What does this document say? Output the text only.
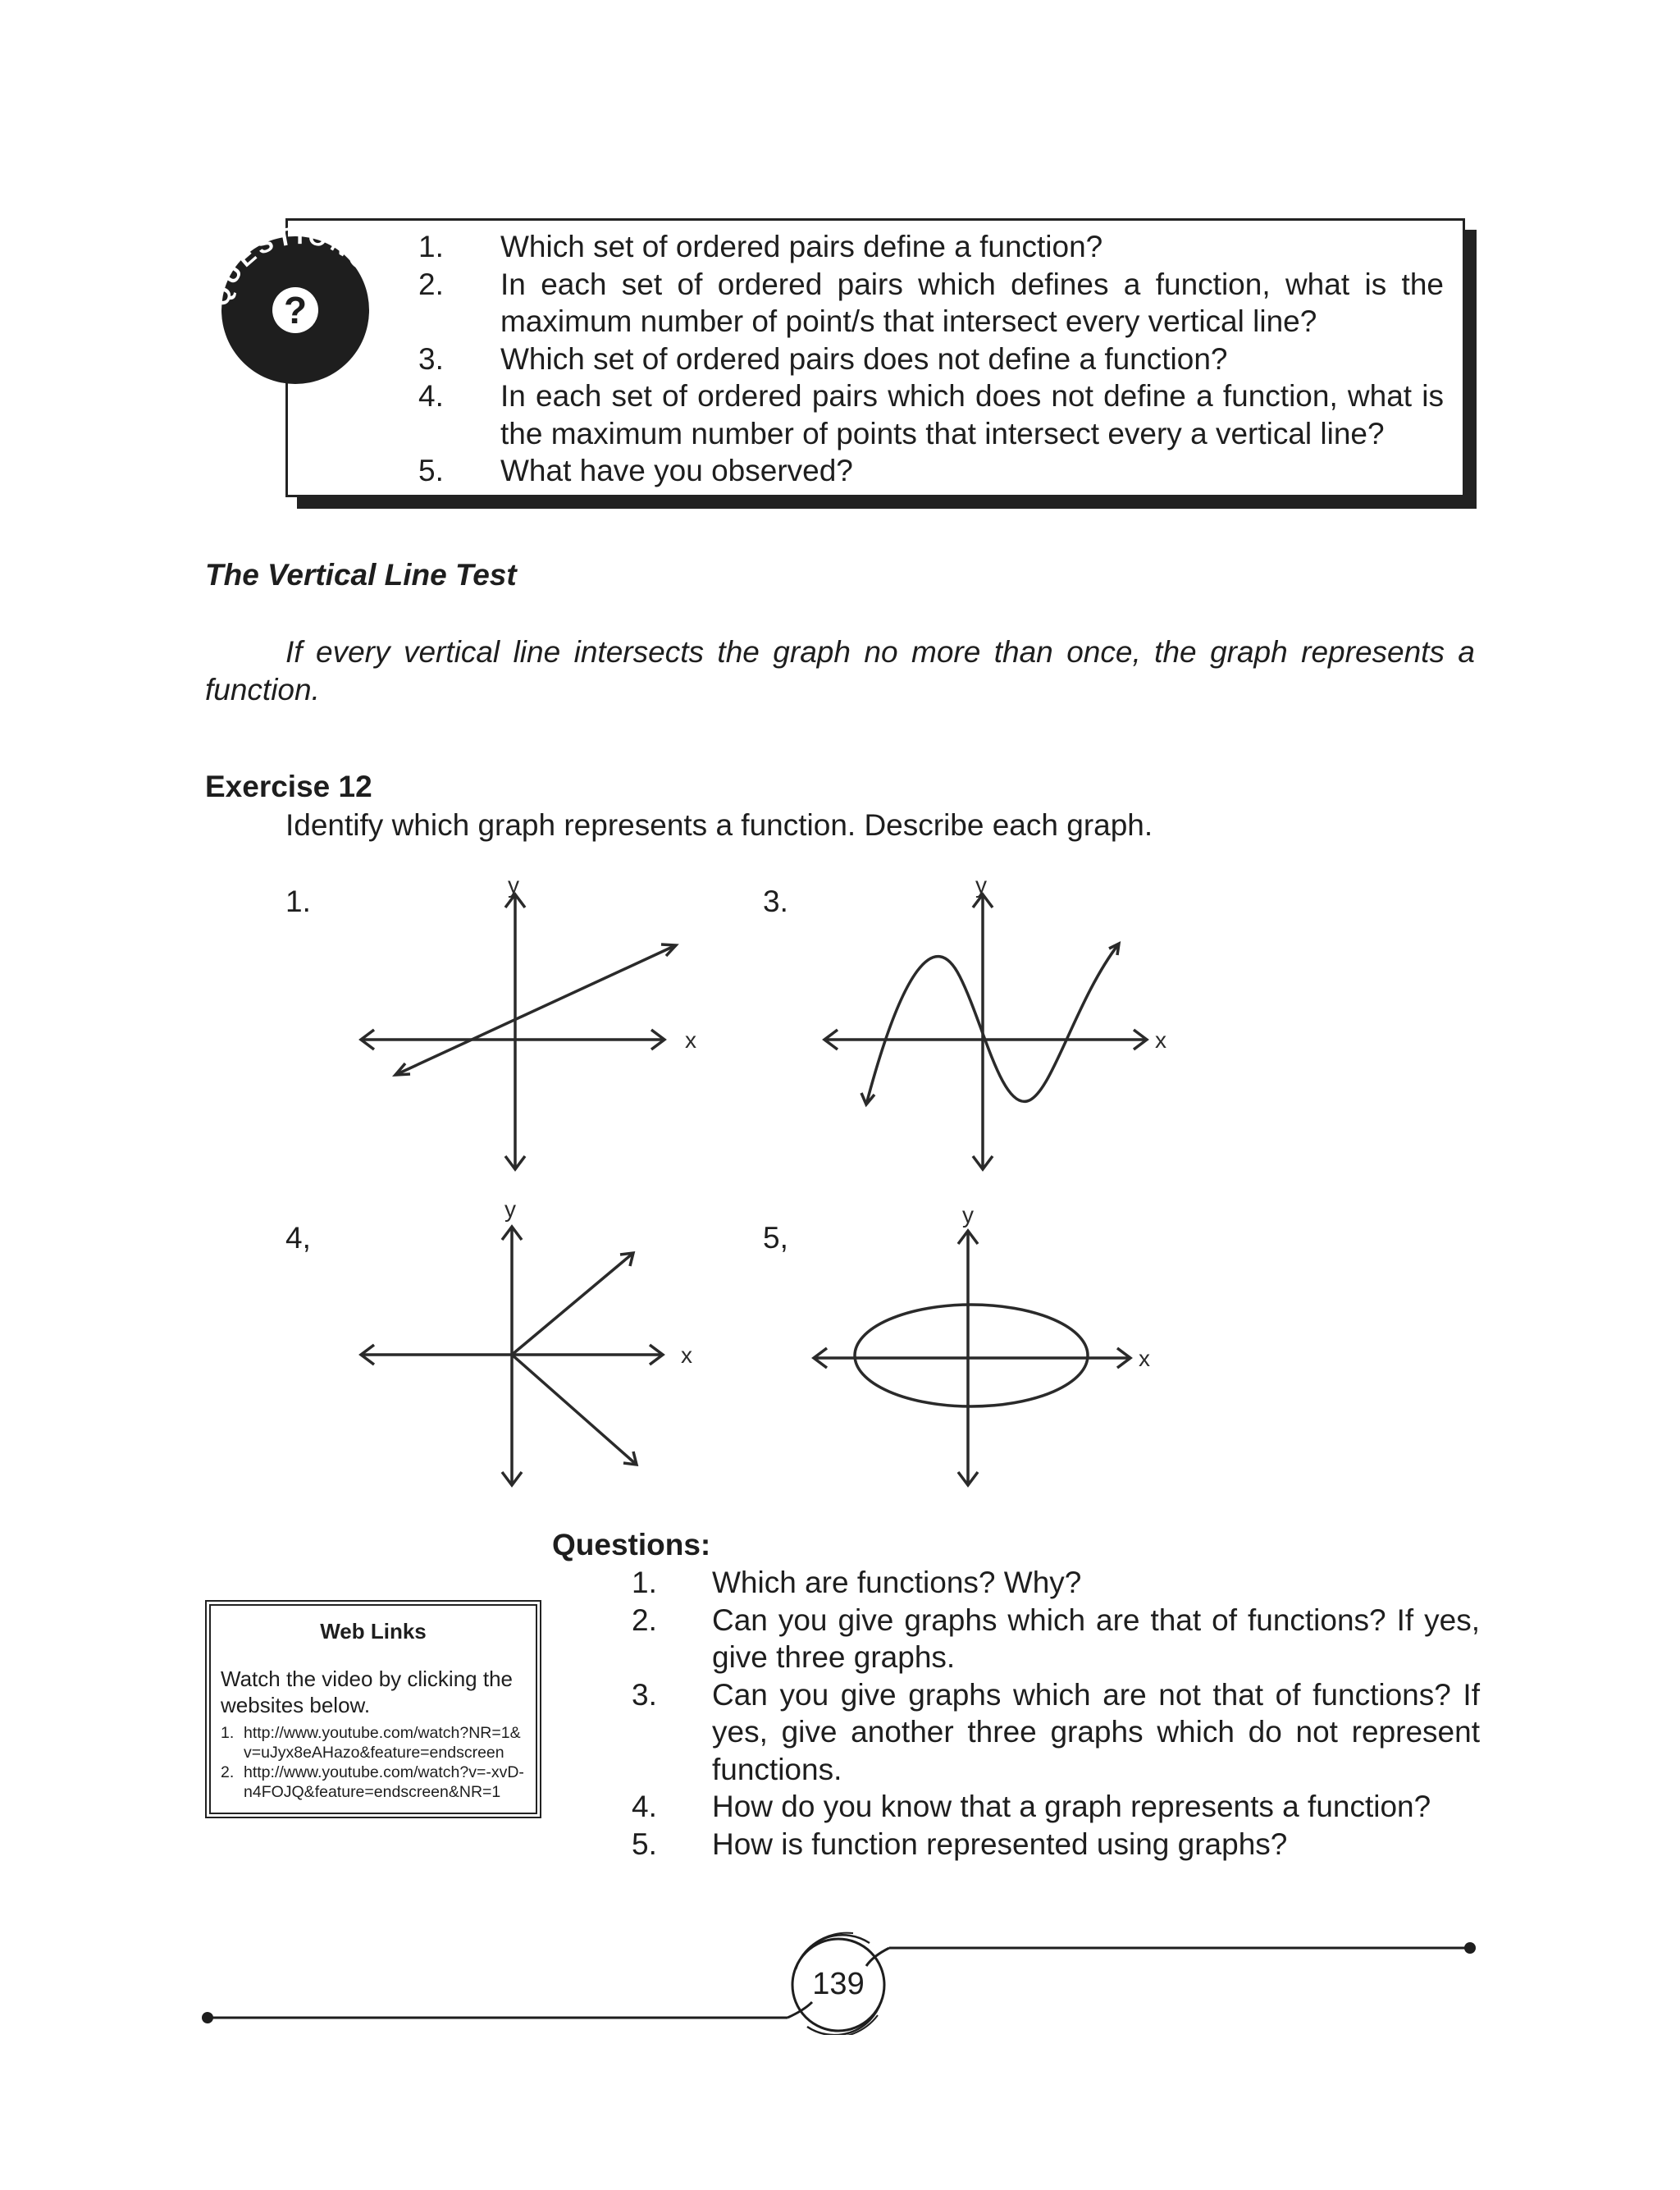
QUESTIONS
?
1. Which set of ordered pairs define a function?
2. In each set of ordered pairs which defines a function, what is the maximum number of point/s that intersect every vertical line?
3. Which set of ordered pairs does not define a function?
4. In each set of ordered pairs which does not define a function, what is the maximum number of points that intersect every a vertical line?
5. What have you observed?
The Vertical Line Test
If every vertical line intersects the graph no more than once, the graph represents a function.
Exercise 12
Identify which graph represents a function. Describe each graph.
1.	y
x
3.	y
x
4,
y
x
5,
y
x
Web Links
Watch the video by clicking the websites below.
1. http://www.youtube.com/watch?NR=1&v=uJyx8eAHazo&feature=endscreen
2. http://www.youtube.com/watch?v=-xvD-n4FOJQ&feature=endscreen&NR=1
Questions:
1. Which are functions? Why?
2. Can you give graphs which are that of functions? If yes, give three graphs.
3. Can you give graphs which are not that of functions? If yes, give another three graphs which do not represent functions.
4. How do you know that a graph represents a function?
5. How is function represented using graphs?
139
